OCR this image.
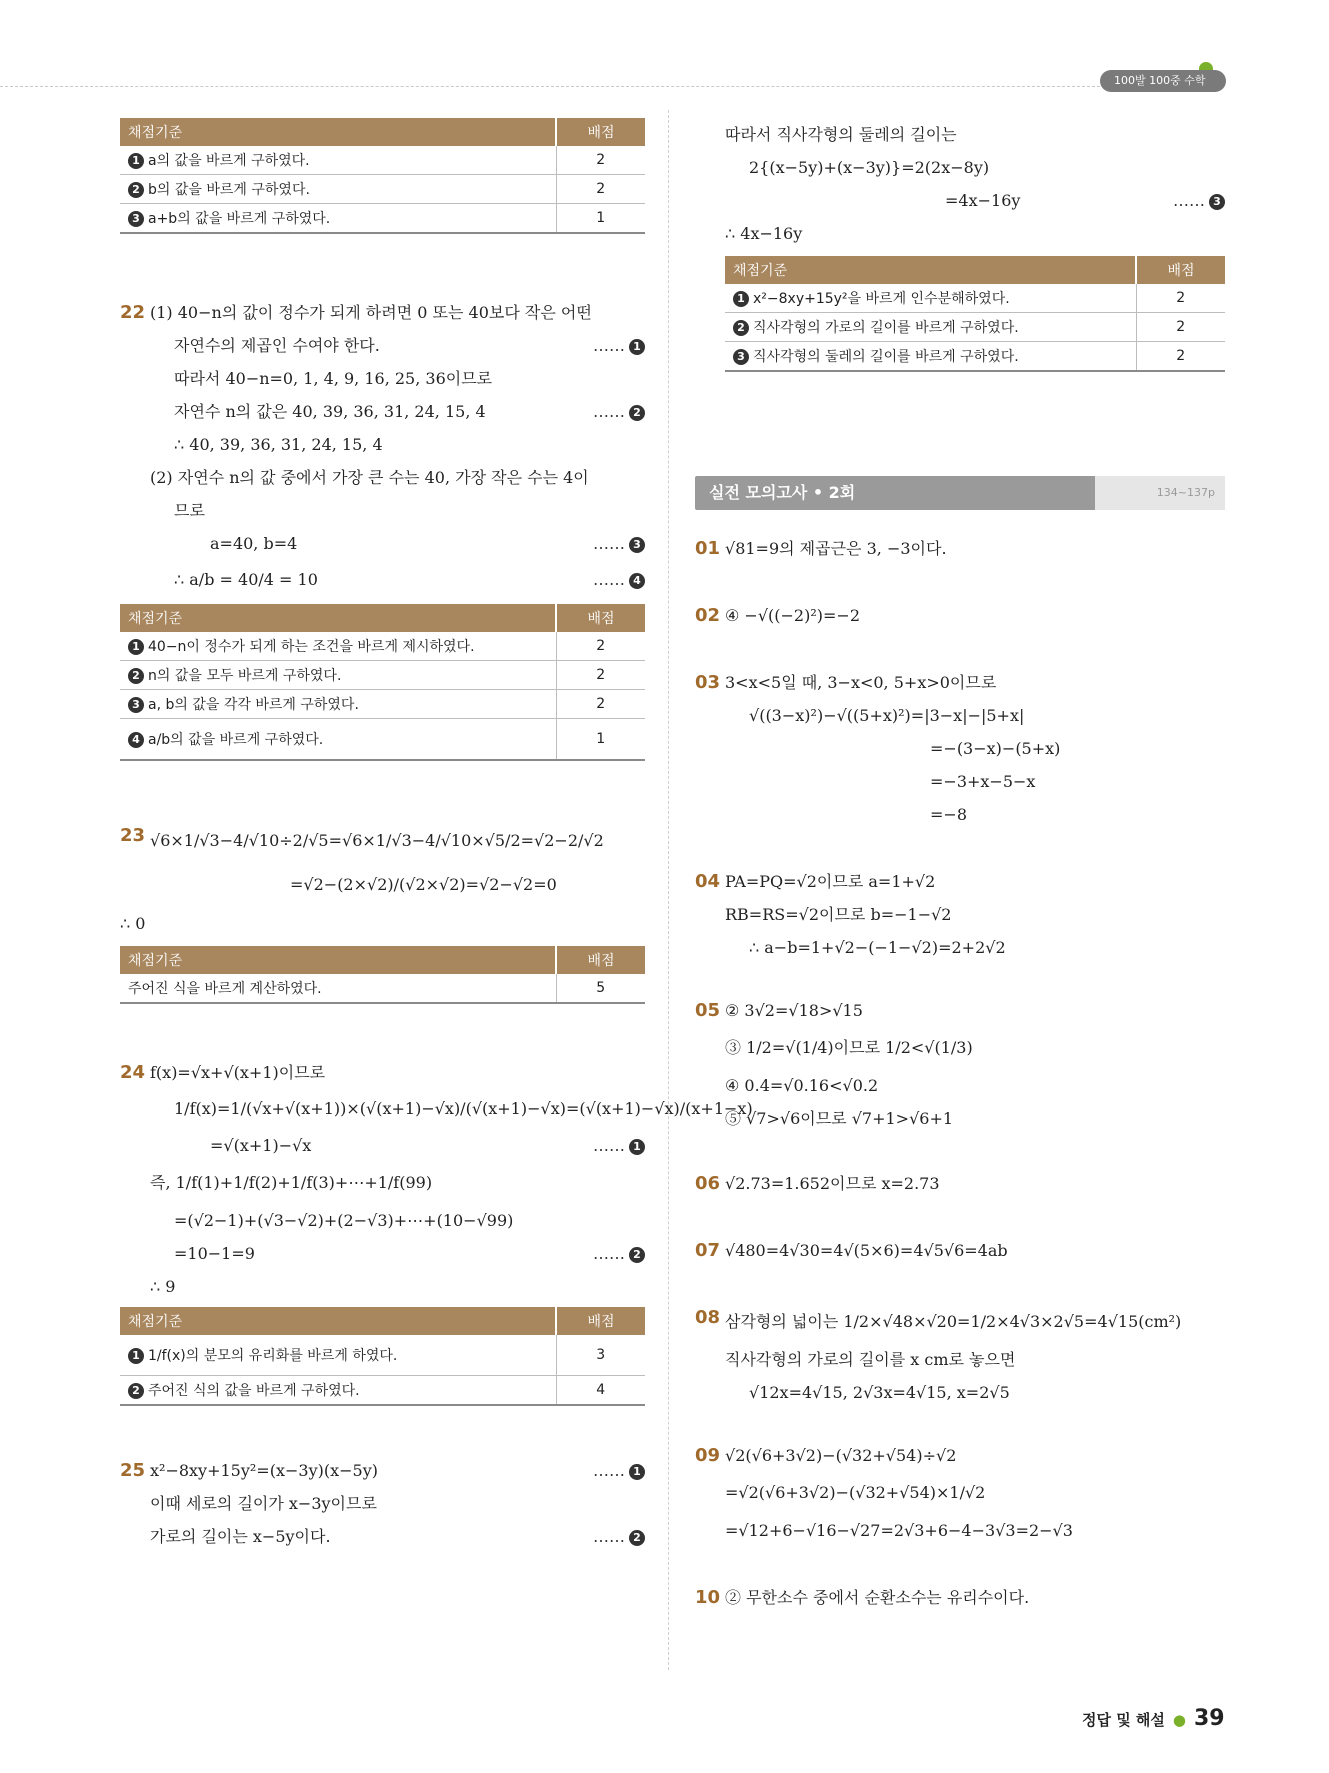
100발 100중 수학
채점기준	배점
1 a의 값을 바르게 구하였다.	2
2 b의 값을 바르게 구하였다.	2
3 a+b의 값을 바르게 구하였다.	1
22 (1) 40−n의 값이 정수가 되게 하려면 0 또는 40보다 작은 어떤
자연수의 제곱인 수여야 한다.	…… 1
따라서 40−n=0, 1, 4, 9, 16, 25, 36이므로
자연수 n의 값은 40, 39, 36, 31, 24, 15, 4	…… 2
∴ 40, 39, 36, 31, 24, 15, 4
(2) 자연수 n의 값 중에서 가장 큰 수는 40, 가장 작은 수는 4이
므로
a=40, b=4	…… 3
∴ a/b = 40/4 = 10	…… 4
채점기준	배점
1 40−n이 정수가 되게 하는 조건을 바르게 제시하였다.	2
2 n의 값을 모두 바르게 구하였다.	2
3 a, b의 값을 각각 바르게 구하였다.	2
4 a/b의 값을 바르게 구하였다.	1
23 √6×1/√3−4/√10÷2/√5=√6×1/√3−4/√10×√5/2=√2−2/√2
=√2−(2×√2)/(√2×√2)=√2−√2=0
∴ 0
채점기준	배점
주어진 식을 바르게 계산하였다.	5
24 f(x)=√x+√(x+1)이므로
1/f(x)=1/(√x+√(x+1))×(√(x+1)−√x)/(√(x+1)−√x)=(√(x+1)−√x)/(x+1−x)
=√(x+1)−√x	…… 1
즉, 1/f(1)+1/f(2)+1/f(3)+⋯+1/f(99)
=(√2−1)+(√3−√2)+(2−√3)+⋯+(10−√99)
=10−1=9	…… 2
∴ 9
채점기준	배점
1 1/f(x)의 분모의 유리화를 바르게 하였다.	3
2 주어진 식의 값을 바르게 구하였다.	4
25 x²−8xy+15y²=(x−3y)(x−5y)	…… 1
이때 세로의 길이가 x−3y이므로
가로의 길이는 x−5y이다.	…… 2
따라서 직사각형의 둘레의 길이는
2{(x−5y)+(x−3y)}=2(2x−8y)
=4x−16y	…… 3
∴ 4x−16y
채점기준	배점
1 x²−8xy+15y²을 바르게 인수분해하였다.	2
2 직사각형의 가로의 길이를 바르게 구하였다.	2
3 직사각형의 둘레의 길이를 바르게 구하였다.	2
실전 모의고사 • 2회	134~137p
01 √81=9의 제곱근은 3, −3이다.
02 ④ −√((−2)²)=−2
03 3<x<5일 때, 3−x<0, 5+x>0이므로
√((3−x)²)−√((5+x)²)=|3−x|−|5+x|
=−(3−x)−(5+x)
=−3+x−5−x
=−8
04 PA=PQ=√2이므로 a=1+√2
RB=RS=√2이므로 b=−1−√2
∴ a−b=1+√2−(−1−√2)=2+2√2
05 ② 3√2=√18>√15
③ 1/2=√(1/4)이므로 1/2<√(1/3)
④ 0.4=√0.16<√0.2
⑤ √7>√6이므로 √7+1>√6+1
06 √2.73=1.652이므로 x=2.73
07 √480=4√30=4√(5×6)=4√5√6=4ab
08 삼각형의 넓이는 1/2×√48×√20=1/2×4√3×2√5=4√15(cm²)
직사각형의 가로의 길이를 x cm로 놓으면
√12x=4√15, 2√3x=4√15, x=2√5
09 √2(√6+3√2)−(√32+√54)÷√2
=√2(√6+3√2)−(√32+√54)×1/√2
=√12+6−√16−√27=2√3+6−4−3√3=2−√3
10 ② 무한소수 중에서 순환소수는 유리수이다.
정답 및 해설 ● 39
